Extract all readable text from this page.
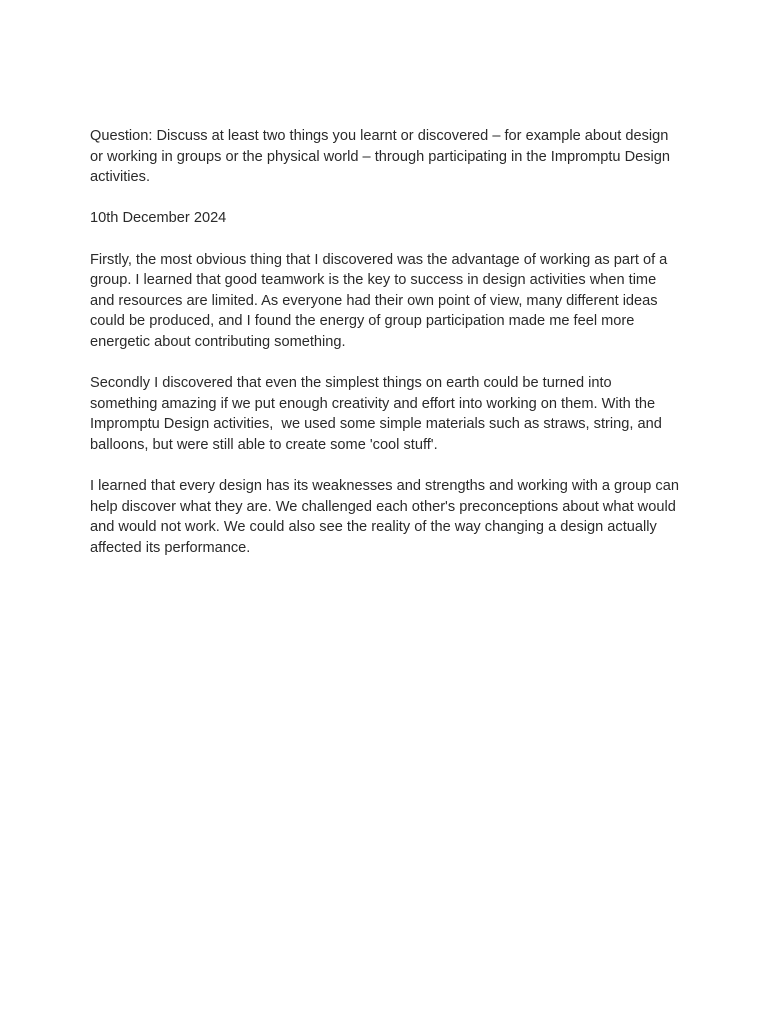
Question: Discuss at least two things you learnt or discovered – for example about design or working in groups or the physical world – through participating in the Impromptu Design activities.

10th December 2024

Firstly, the most obvious thing that I discovered was the advantage of working as part of a group. I learned that good teamwork is the key to success in design activities when time and resources are limited. As everyone had their own point of view, many different ideas could be produced, and I found the energy of group participation made me feel more energetic about contributing something.

Secondly I discovered that even the simplest things on earth could be turned into something amazing if we put enough creativity and effort into working on them. With the Impromptu Design activities,  we used some simple materials such as straws, string, and balloons, but were still able to create some 'cool stuff'.

I learned that every design has its weaknesses and strengths and working with a group can help discover what they are. We challenged each other's preconceptions about what would and would not work. We could also see the reality of the way changing a design actually affected its performance.
